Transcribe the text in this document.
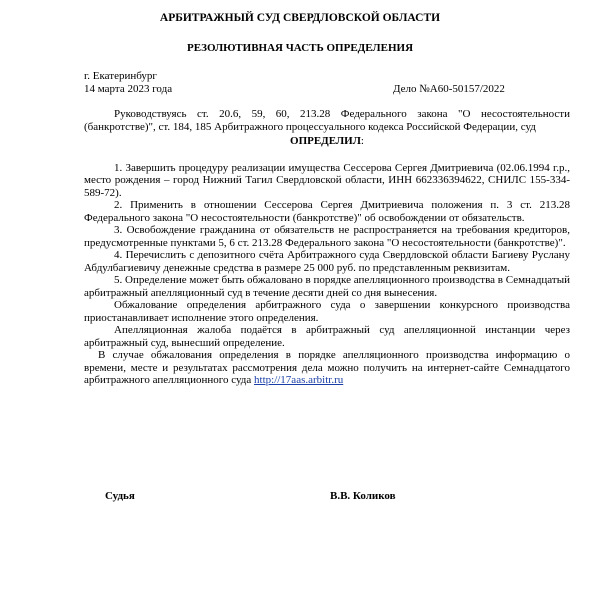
АРБИТРАЖНЫЙ СУД СВЕРДЛОВСКОЙ ОБЛАСТИ
РЕЗОЛЮТИВНАЯ ЧАСТЬ ОПРЕДЕЛЕНИЯ
г. Екатеринбург
14 марта 2023 года	Дело №А60-50157/2022

Руководствуясь ст. 20.6, 59, 60, 213.28 Федерального закона "О несостоятельности (банкротстве)", ст. 184, 185 Арбитражного процессуального кодекса Российской Федерации, суд

ОПРЕДЕЛИЛ:

1. Завершить процедуру реализации имущества Сессерова Сергея Дмитриевича (02.06.1994 г.р., место рождения – город Нижний Тагил Свердловской области, ИНН 662336394622, СНИЛС 155-334-589-72).

2. Применить в отношении Сессерова Сергея Дмитриевича положения п. 3 ст. 213.28 Федерального закона "О несостоятельности (банкротстве)" об освобождении от обязательств.

3. Освобождение гражданина от обязательств не распространяется на требования кредиторов, предусмотренные пунктами 5, 6 ст. 213.28 Федерального закона "О несостоятельности (банкротстве)".

4. Перечислить с депозитного счёта Арбитражного суда Свердловской области Багиеву Руслану Абдулбагиевичу денежные средства в размере 25 000 руб. по представленным реквизитам.

5. Определение может быть обжаловано в порядке апелляционного производства в Семнадцатый арбитражный апелляционный суд в течение десяти дней со дня вынесения.

Обжалование определения арбитражного суда о завершении конкурсного производства приостанавливает исполнение этого определения.

Апелляционная жалоба подаётся в арбитражный суд апелляционной инстанции через арбитражный суд, вынесший определение.

В случае обжалования определения в порядке апелляционного производства информацию о времени, месте и результатах рассмотрения дела можно получить на интернет-сайте Семнадцатого арбитражного апелляционного суда http://17aas.arbitr.ru

Судья	В.В. Коликов
